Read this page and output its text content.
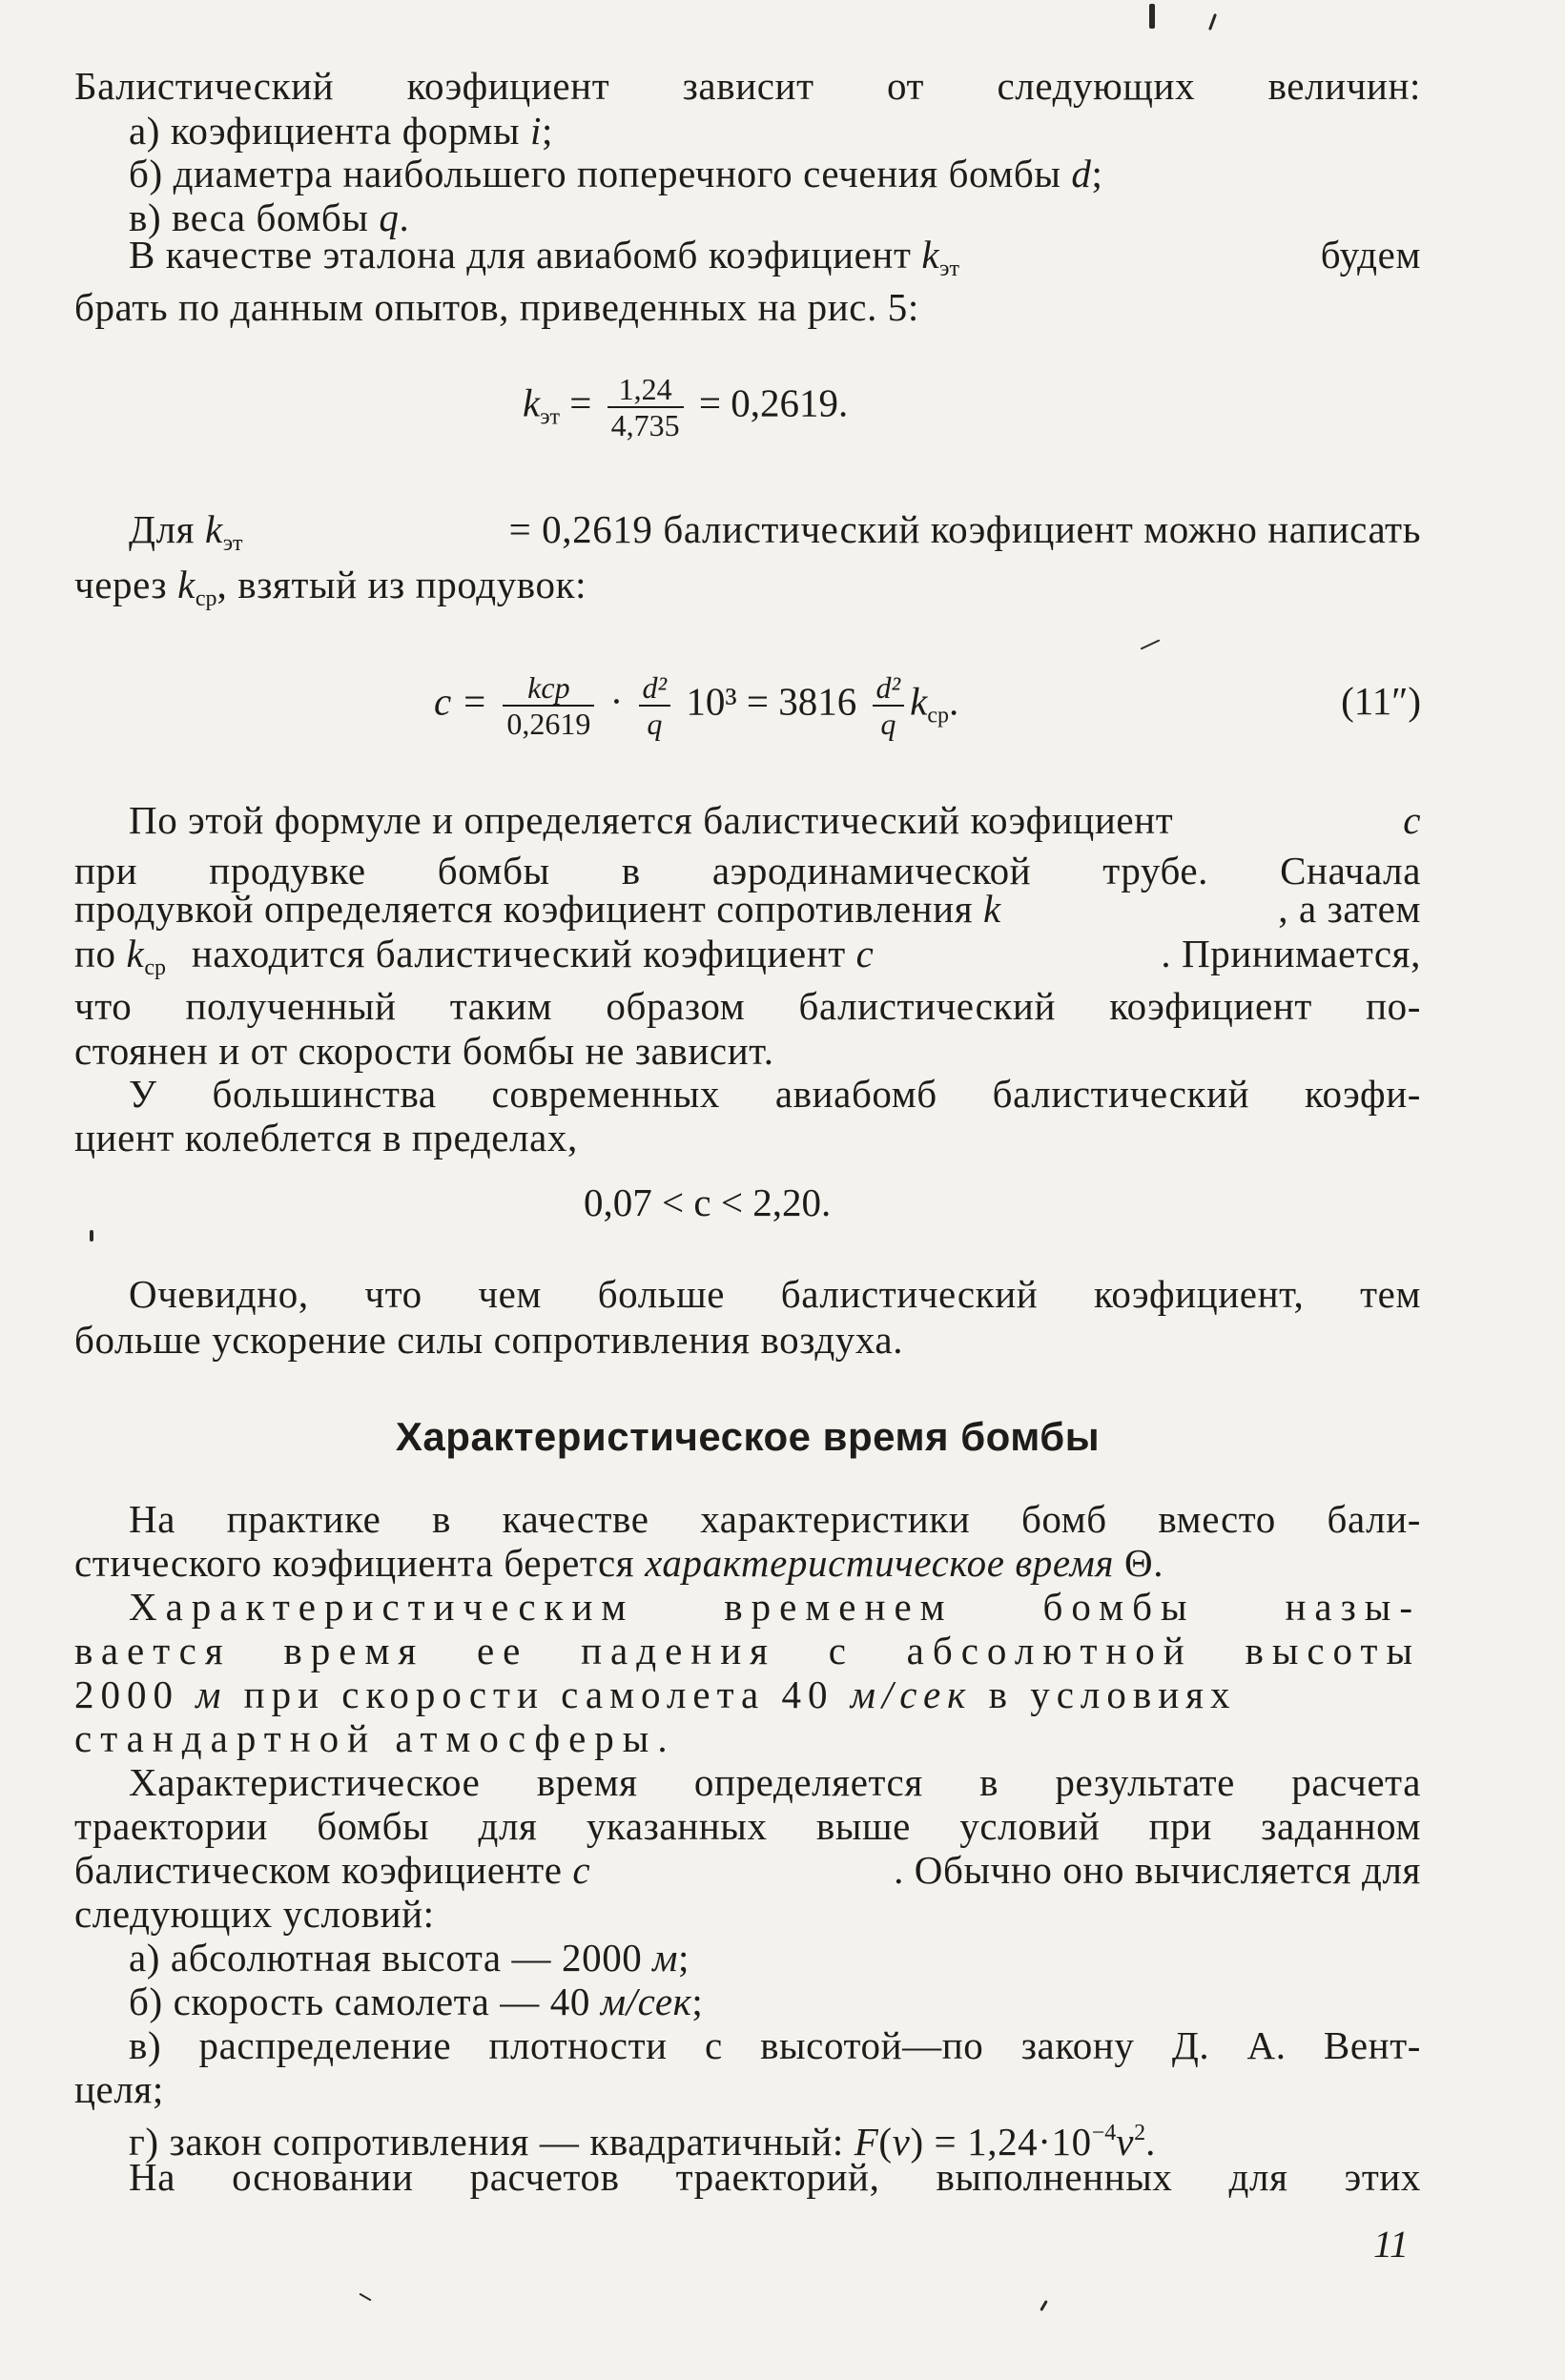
Балистический коэфициент зависит от следующих величин:
а) коэфициента формы i;
б) диаметра наибольшего поперечного сечения бомбы d;
в) веса бомбы q.
В качестве эталона для авиабомб коэфициент $k_{эт}$	будем
брать по данным опытов, приведенных на рис. 5:
$k_{эт} = \frac{1,24}{4,735} = 0,2619$.
Для $k_{эт}$	= 0,2619 балистический коэфициент можно написать
через $k_{ср}$, взятый из продувок:
$c = \frac{\text{kср}}{0,2619} \cdot \frac{\text{d²}}{q} 10^3 = 3816 \frac{\text{d²}}{q} k_{ср}$.	(11″)
По этой формуле и определяется балистический коэфициент	c
при продувке бомбы в аэродинамической трубе. Сначала
продувкой определяется коэфициент сопротивления k	, а затем
по $k_{ср}$ находится балистический коэфициент c	. Принимается,
что полученный таким образом балистический коэфициент по-
стоянен и от скорости бомбы не зависит.
У большинства современных авиабомб балистический коэфи-
циент колеблется в пределах,
0,07 < c < 2,20.
Очевидно, что чем больше балистический коэфициент, тем
больше ускорение силы сопротивления воздуха.
Характеристическое время бомбы
На практике в качестве характеристики бомб вместо бали-
стического коэфициента берется характеристическое время Θ.
Характеристическим временем бомбы назы-
вается время ее падения с абсолютной высоты
2000 м при скорости самолета 40 м/сек в условиях
стандартной атмосферы.
Характеристическое время определяется в результате расчета
траектории бомбы для указанных выше условий при заданном
балистическом коэфициенте c	. Обычно оно вычисляется для
следующих условий:
а) абсолютная высота — 2000 м;
б) скорость самолета — 40 м/сек;
в) распределение плотности с высотой—по закону Д. А. Вент-
целя;
г) закон сопротивления — квадратичный: $F(v) = 1,24\cdot 10^{-4}v^2$.
На основании расчетов траекторий, выполненных для этих
11
